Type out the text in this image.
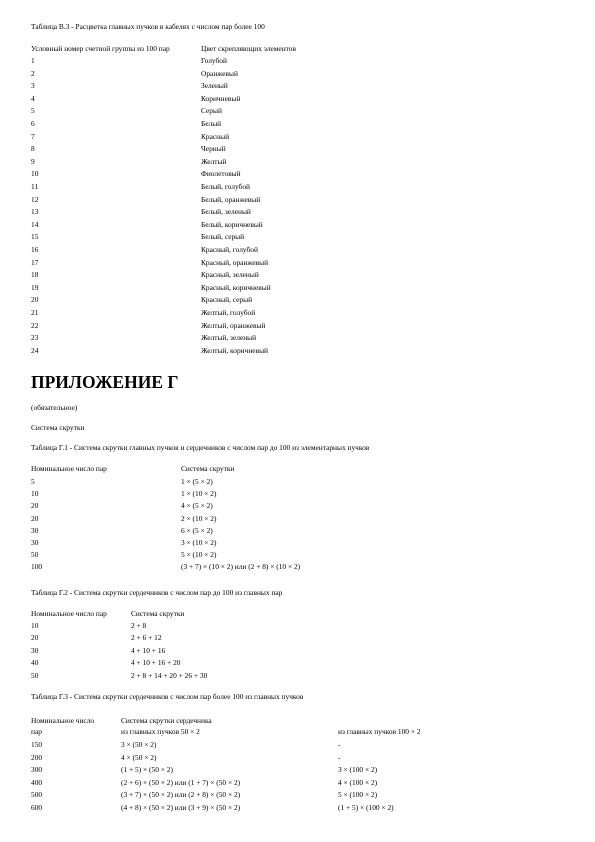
Таблица В.3 - Расцветка главных пучков в кабелях с числом пар более 100
Условный номер счетной группы из 100 пар	Цвет скрепляющих элементов
1	Голубой
2	Оранжевый
3	Зеленый
4	Коричневый
5	Серый
6	Белый
7	Красный
8	Черный
9	Желтый
10	Фиолетовый
11	Белый, голубой
12	Белый, оранжевый
13	Белый, зеленый
14	Белый, коричневый
15	Белый, серый
16	Красный, голубой
17	Красный, оранжевый
18	Красный, зеленый
19	Красный, коричневый
20	Красный, серый
21	Желтый, голубой
22	Желтый, оранжевый
23	Желтый, зеленый
24	Желтый, коричневый
ПРИЛОЖЕНИЕ Г
(обязательное)
Система скрутки
Таблица Г.1 - Система скрутки главных пучков и сердечников с числом пар до 100 из элементарных пучков
Номинальное число пар	Система скрутки
5	1 × (5 × 2)
10	1 × (10 × 2)
20	4 × (5 × 2)
20	2 × (10 × 2)
30	6 × (5 × 2)
30	3 × (10 × 2)
50	5 × (10 × 2)
100	(3 + 7) × (10 × 2) или (2 + 8) × (10 × 2)
Таблица Г.2 - Система скрутки сердечников с числом пар до 100 из главных пар
Номинальное число пар	Система скрутки
10	2 + 8
20	2 + 6 + 12
30	4 + 10 + 16
40	4 + 10 + 16 + 20
50	2 + 8 + 14 + 20 + 26 + 30
Таблица Г.3 - Система скрутки сердечников с числом пар более 100 из главных пучков
Номинальное число
пар
Система скрутки сердечника
из главных пучков 50 × 2	из главных пучков 100 × 2
150	3 × (50 × 2)	-
200	4 × (50 × 2)	-
300	(1 + 5) × (50 × 2)	3 × (100 × 2)
400	(2 + 6) × (50 × 2) или (1 + 7) × (50 × 2)	4 × (100 × 2)
500	(3 + 7) × (50 × 2) или (2 + 8) × (50 × 2)	5 × (100 × 2)
600	(4 + 8) × (50 × 2) или (3 + 9) × (50 × 2)	(1 + 5) × (100 × 2)
